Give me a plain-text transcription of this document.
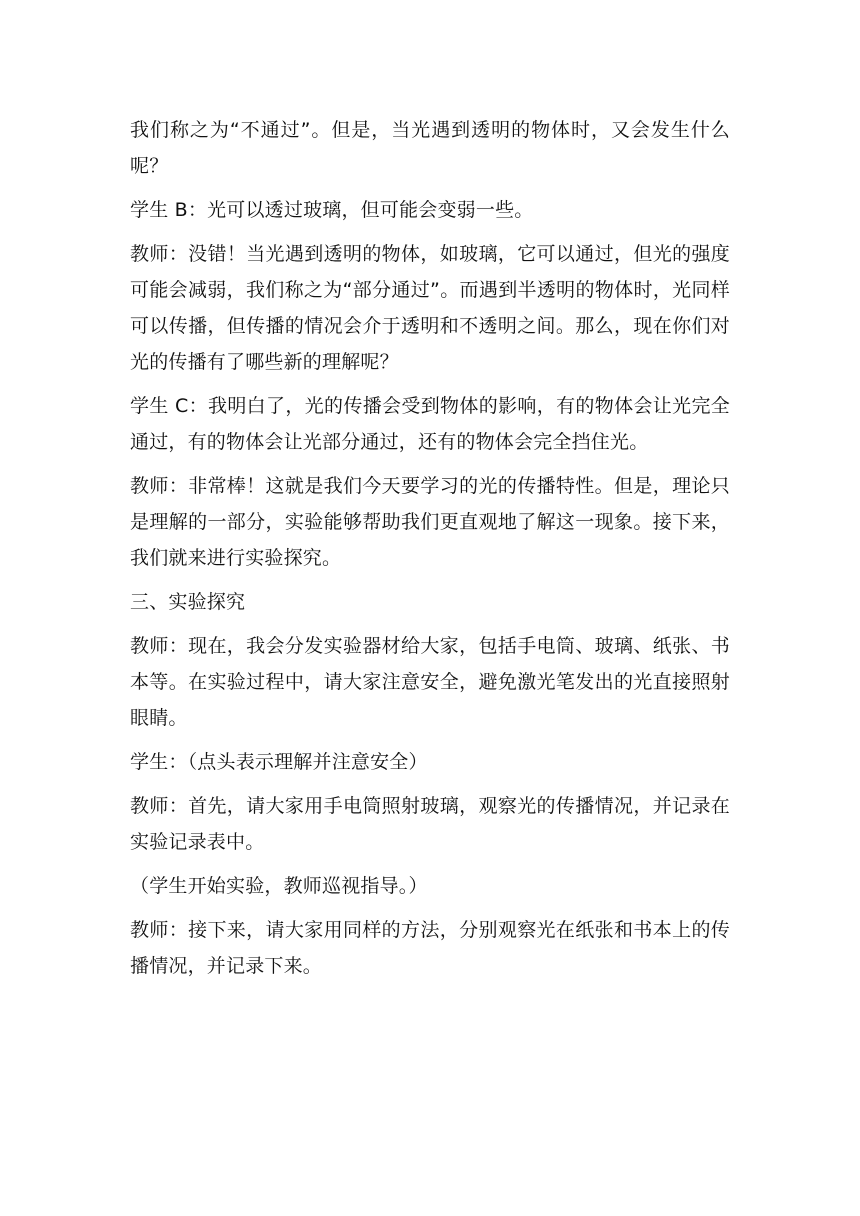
我们称之为“不通过”。但是，当光遇到透明的物体时，又会发生什么呢？

学生 B：光可以透过玻璃，但可能会变弱一些。

教师：没错！当光遇到透明的物体，如玻璃，它可以通过，但光的强度可能会减弱，我们称之为“部分通过”。而遇到半透明的物体时，光同样可以传播，但传播的情况会介于透明和不透明之间。那么，现在你们对光的传播有了哪些新的理解呢？

学生 C：我明白了，光的传播会受到物体的影响，有的物体会让光完全通过，有的物体会让光部分通过，还有的物体会完全挡住光。

教师：非常棒！这就是我们今天要学习的光的传播特性。但是，理论只是理解的一部分，实验能够帮助我们更直观地了解这一现象。接下来，我们就来进行实验探究。

三、实验探究

教师：现在，我会分发实验器材给大家，包括手电筒、玻璃、纸张、书本等。在实验过程中，请大家注意安全，避免激光笔发出的光直接照射眼睛。

学生：（点头表示理解并注意安全）

教师：首先，请大家用手电筒照射玻璃，观察光的传播情况，并记录在实验记录表中。

（学生开始实验，教师巡视指导。）

教师：接下来，请大家用同样的方法，分别观察光在纸张和书本上的传播情况，并记录下来。
